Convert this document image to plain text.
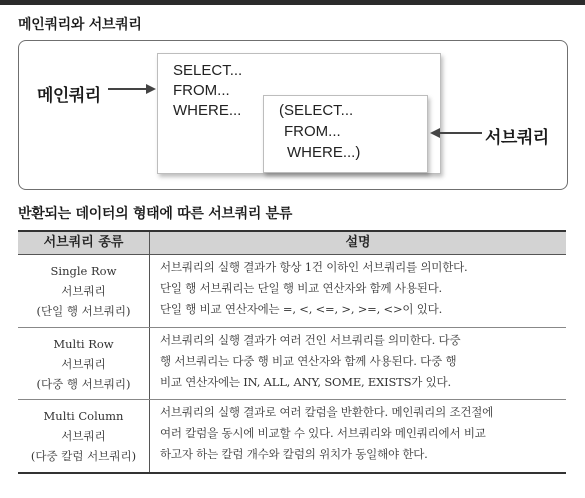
메인쿼리와 서브쿼리
메인쿼리
SELECT...
FROM...
WHERE...	(SELECT...
FROM...
WHERE...)
서브쿼리
반환되는 데이터의 형태에 따른 서브쿼리 분류
서브쿼리 종류	설명
Single Row
서브쿼리
(단일 행 서브쿼리)
서브쿼리의 실행 결과가 항상 1건 이하인 서브쿼리를 의미한다.
단일 행 서브쿼리는 단일 행 비교 연산자와 함께 사용된다.
단일 행 비교 연산자에는 =, <, <=, >, >=, <>이 있다.
Multi Row
서브쿼리
(다중 행 서브쿼리)
서브쿼리의 실행 결과가 여러 건인 서브쿼리를 의미한다. 다중
행 서브쿼리는 다중 행 비교 연산자와 함께 사용된다. 다중 행
비교 연산자에는 IN, ALL, ANY, SOME, EXISTS가 있다.
Multi Column
서브쿼리
(다중 칼럼 서브쿼리)
서브쿼리의 실행 결과로 여러 칼럼을 반환한다. 메인쿼리의 조건절에
여러 칼럼을 동시에 비교할 수 있다. 서브쿼리와 메인쿼리에서 비교
하고자 하는 칼럼 개수와 칼럼의 위치가 동일해야 한다.
